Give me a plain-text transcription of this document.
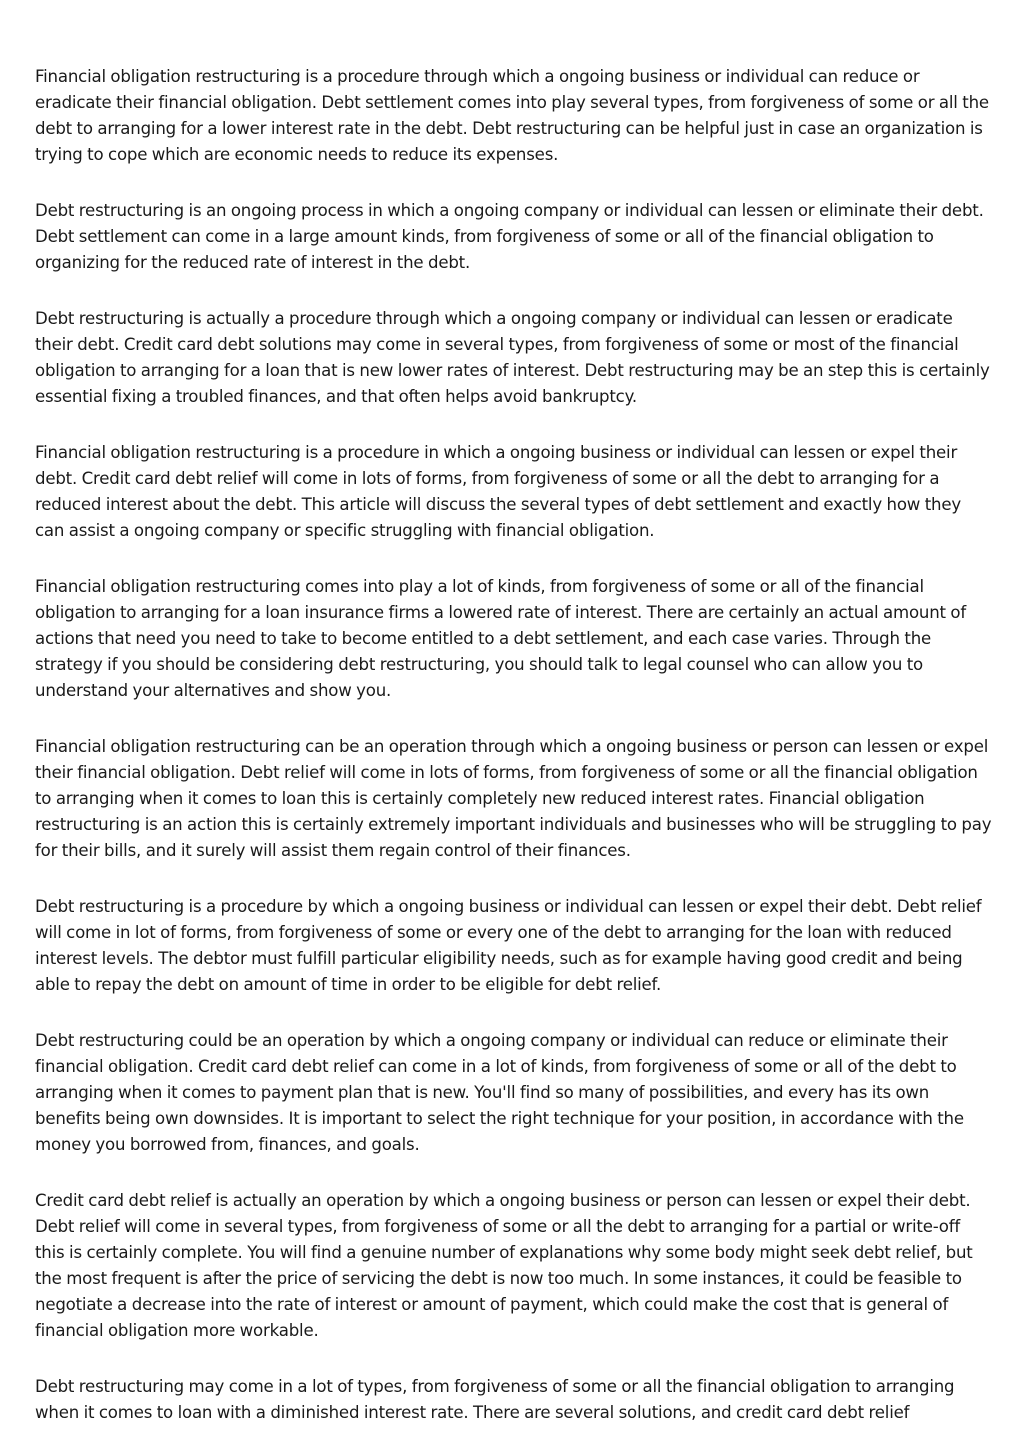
Financial obligation restructuring is a procedure through which a ongoing business or individual can reduce or eradicate their financial obligation. Debt settlement comes into play several types, from forgiveness of some or all the debt to arranging for a lower interest rate in the debt. Debt restructuring can be helpful just in case an organization is trying to cope which are economic needs to reduce its expenses.

Debt restructuring is an ongoing process in which a ongoing company or individual can lessen or eliminate their debt. Debt settlement can come in a large amount kinds, from forgiveness of some or all of the financial obligation to organizing for the reduced rate of interest in the debt.

Debt restructuring is actually a procedure through which a ongoing company or individual can lessen or eradicate their debt. Credit card debt solutions may come in several types, from forgiveness of some or most of the financial obligation to arranging for a loan that is new lower rates of interest. Debt restructuring may be an step this is certainly essential fixing a troubled finances, and that often helps avoid bankruptcy.

Financial obligation restructuring is a procedure in which a ongoing business or individual can lessen or expel their debt. Credit card debt relief will come in lots of forms, from forgiveness of some or all the debt to arranging for a reduced interest about the debt. This article will discuss the several types of debt settlement and exactly how they can assist a ongoing company or specific struggling with financial obligation.

Financial obligation restructuring comes into play a lot of kinds, from forgiveness of some or all of the financial obligation to arranging for a loan insurance firms a lowered rate of interest. There are certainly an actual amount of actions that need you need to take to become entitled to a debt settlement, and each case varies. Through the strategy if you should be considering debt restructuring, you should talk to legal counsel who can allow you to understand your alternatives and show you.

Financial obligation restructuring can be an operation through which a ongoing business or person can lessen or expel their financial obligation. Debt relief will come in lots of forms, from forgiveness of some or all the financial obligation to arranging when it comes to loan this is certainly completely new reduced interest rates. Financial obligation restructuring is an action this is certainly extremely important individuals and businesses who will be struggling to pay for their bills, and it surely will assist them regain control of their finances.

Debt restructuring is a procedure by which a ongoing business or individual can lessen or expel their debt. Debt relief will come in lot of forms, from forgiveness of some or every one of the debt to arranging for the loan with reduced interest levels. The debtor must fulfill particular eligibility needs, such as for example having good credit and being able to repay the debt on amount of time in order to be eligible for debt relief.

Debt restructuring could be an operation by which a ongoing company or individual can reduce or eliminate their financial obligation. Credit card debt relief can come in a lot of kinds, from forgiveness of some or all of the debt to arranging when it comes to payment plan that is new. You'll find so many of possibilities, and every has its own benefits being own downsides. It is important to select the right technique for your position, in accordance with the money you borrowed from, finances, and goals.

Credit card debt relief is actually an operation by which a ongoing business or person can lessen or expel their debt. Debt relief will come in several types, from forgiveness of some or all the debt to arranging for a partial or write-off this is certainly complete. You will find a genuine number of explanations why some body might seek debt relief, but the most frequent is after the price of servicing the debt is now too much. In some instances, it could be feasible to negotiate a decrease into the rate of interest or amount of payment, which could make the cost that is general of financial obligation more workable.

Debt restructuring may come in a lot of types, from forgiveness of some or all the financial obligation to arranging when it comes to loan with a diminished interest rate. There are several solutions, and credit card debt relief
